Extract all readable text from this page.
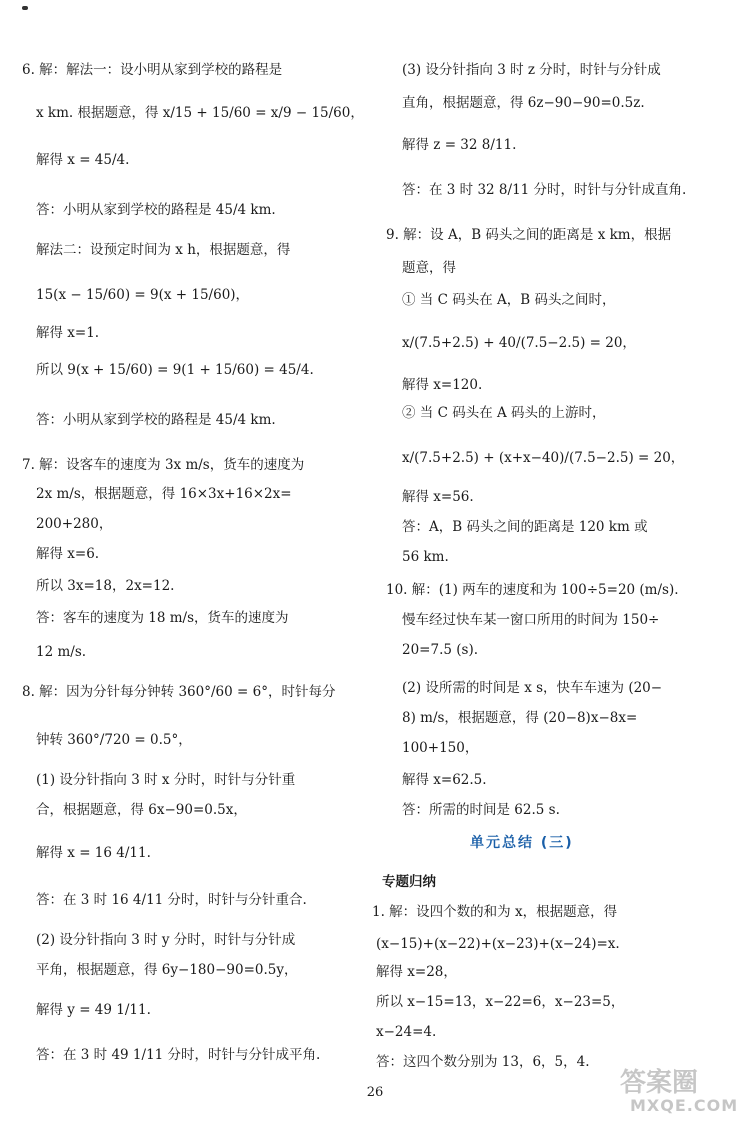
6. 解：解法一：设小明从家到学校的路程是
x km. 根据题意，得 x/15 + 15/60 = x/9 − 15/60，
解得 x = 45/4.
答：小明从家到学校的路程是 45/4 km.
解法二：设预定时间为 x h，根据题意，得
15(x − 15/60) = 9(x + 15/60)，
解得 x=1.
所以 9(x + 15/60) = 9(1 + 15/60) = 45/4.
答：小明从家到学校的路程是 45/4 km.
7. 解：设客车的速度为 3x m/s，货车的速度为
2x m/s，根据题意，得 16×3x+16×2x=
200+280，
解得 x=6.
所以 3x=18，2x=12.
答：客车的速度为 18 m/s，货车的速度为
12 m/s.
8. 解：因为分针每分钟转 360°/60 = 6°，时针每分
钟转 360°/720 = 0.5°，
(1) 设分针指向 3 时 x 分时，时针与分针重
合，根据题意，得 6x−90=0.5x，
解得 x = 16 4/11.
答：在 3 时 16 4/11 分时，时针与分针重合.
(2) 设分针指向 3 时 y 分时，时针与分针成
平角，根据题意，得 6y−180−90=0.5y，
解得 y = 49 1/11.
答：在 3 时 49 1/11 分时，时针与分针成平角.
(3) 设分针指向 3 时 z 分时，时针与分针成
直角，根据题意，得 6z−90−90=0.5z.
解得 z = 32 8/11.
答：在 3 时 32 8/11 分时，时针与分针成直角.
9. 解：设 A，B 码头之间的距离是 x km，根据
题意，得
① 当 C 码头在 A，B 码头之间时，
x/(7.5+2.5) + 40/(7.5−2.5) = 20，
解得 x=120.
② 当 C 码头在 A 码头的上游时，
x/(7.5+2.5) + (x+x−40)/(7.5−2.5) = 20，
解得 x=56.
答：A，B 码头之间的距离是 120 km 或
56 km.
10. 解：(1) 两车的速度和为 100÷5=20 (m/s).
慢车经过快车某一窗口所用的时间为 150÷
20=7.5 (s).
(2) 设所需的时间是 x s，快车车速为 (20−
8) m/s，根据题意，得 (20−8)x−8x=
100+150，
解得 x=62.5.
答：所需的时间是 62.5 s.
单元总结 (三)
专题归纳
1. 解：设四个数的和为 x，根据题意，得
(x−15)+(x−22)+(x−23)+(x−24)=x.
解得 x=28，
所以 x−15=13，x−22=6，x−23=5，
x−24=4.
答：这四个数分别为 13，6，5，4.
26	答案圈
MXQE.COM
